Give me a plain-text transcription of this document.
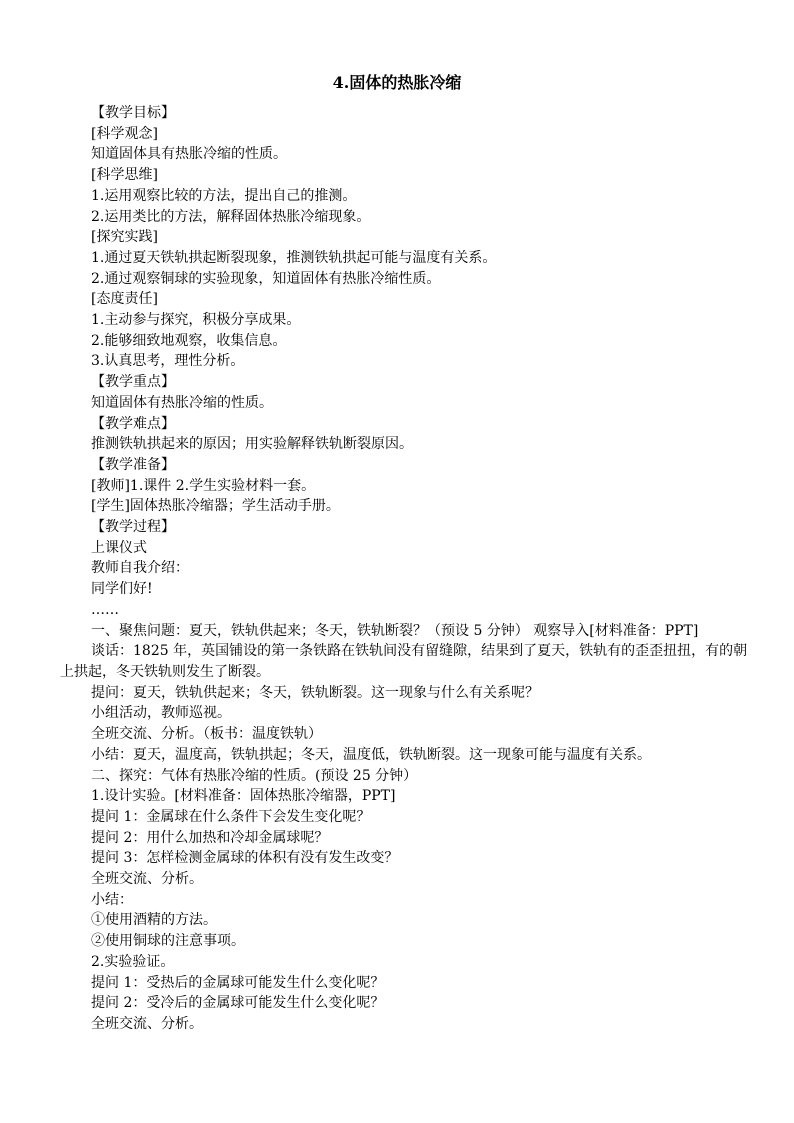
4.固体的热胀冷缩

【教学目标】

[科学观念]

知道固体具有热胀冷缩的性质。

[科学思维]

1.运用观察比较的方法，提出自己的推测。

2.运用类比的方法，解释固体热胀冷缩现象。

[探究实践]

1.通过夏天铁轨拱起断裂现象，推测铁轨拱起可能与温度有关系。

2.通过观察铜球的实验现象，知道固体有热胀冷缩性质。

[态度责任]

1.主动参与探究，积极分享成果。

2.能够细致地观察，收集信息。

3.认真思考，理性分析。

【教学重点】

知道固体有热胀冷缩的性质。

【教学难点】

推测铁轨拱起来的原因；用实验解释铁轨断裂原因。

【教学准备】

[教师]1.课件 2.学生实验材料一套。

[学生]固体热胀冷缩器；学生活动手册。

【教学过程】

上课仪式

教师自我介绍：

同学们好!

……

一、聚焦问题：夏天，铁轨供起来；冬天，铁轨断裂？（预设 5 分钟） 观察导入[材料准备：PPT]

谈话：1825 年，英国铺设的第一条铁路在铁轨间没有留缝隙，结果到了夏天，铁轨有的歪歪扭扭，有的朝上拱起，冬天铁轨则发生了断裂。

提问：夏天，铁轨供起来；冬天，铁轨断裂。这一现象与什么有关系呢？

小组活动，教师巡视。

全班交流、分析。（板书：温度铁轨）

小结：夏天，温度高，铁轨拱起；冬天，温度低，铁轨断裂。这一现象可能与温度有关系。

二、探究：气体有热胀冷缩的性质。(预设 25 分钟）

1.设计实验。[材料准备：固体热胀冷缩器，PPT]

提问 1：金属球在什么条件下会发生变化呢？

提问 2：用什么加热和冷却金属球呢？

提问 3：怎样检测金属球的体积有没有发生改变？

全班交流、分析。

小结：

①使用酒精的方法。

②使用铜球的注意事项。

2.实验验证。

提问 1：受热后的金属球可能发生什么变化呢？

提问 2：受冷后的金属球可能发生什么变化呢？

全班交流、分析。
